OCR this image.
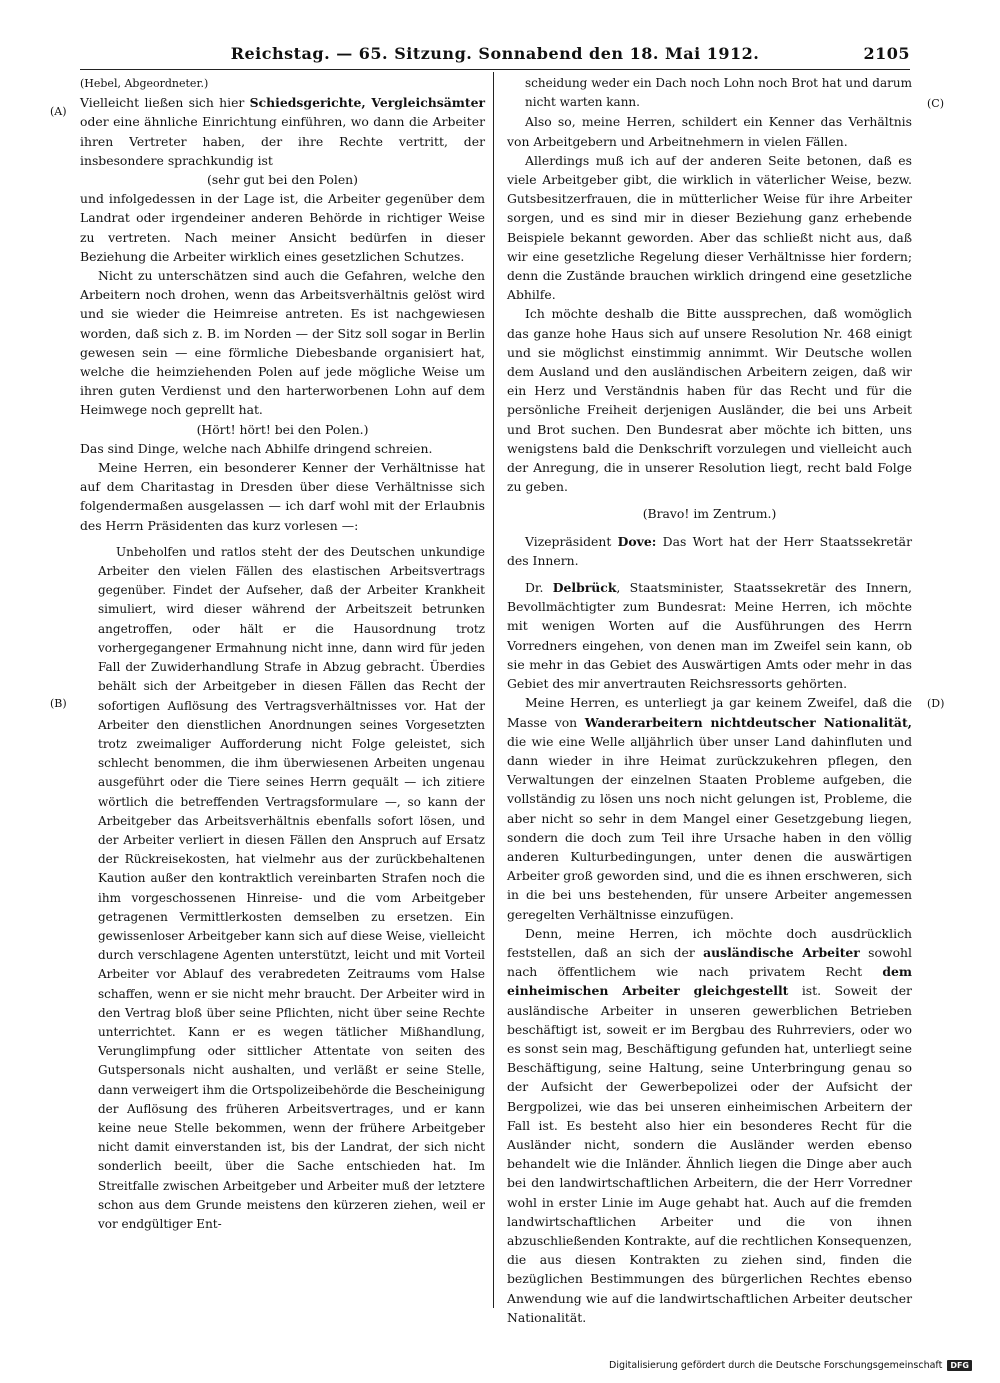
Reichstag. — 65. Sitzung. Sonnabend den 18. Mai 1912.	2105
(A)
(B)
(C)
(D)

(Hebel, Abgeordneter.)

Vielleicht ließen sich hier Schiedsgerichte, Vergleichsämter oder eine ähnliche Einrichtung einführen, wo dann die Arbeiter ihren Vertreter haben, der ihre Rechte vertritt, der insbesondere sprachkundig ist

(sehr gut bei den Polen)

und infolgedessen in der Lage ist, die Arbeiter gegenüber dem Landrat oder irgendeiner anderen Behörde in richtiger Weise zu vertreten. Nach meiner Ansicht bedürfen in dieser Beziehung die Arbeiter wirklich eines gesetzlichen Schutzes.

Nicht zu unterschätzen sind auch die Gefahren, welche den Arbeitern noch drohen, wenn das Arbeitsverhältnis gelöst wird und sie wieder die Heimreise antreten. Es ist nachgewiesen worden, daß sich z. B. im Norden — der Sitz soll sogar in Berlin gewesen sein — eine förmliche Diebesbande organisiert hat, welche die heimziehenden Polen auf jede mögliche Weise um ihren guten Verdienst und den harterworbenen Lohn auf dem Heimwege noch geprellt hat.

(Hört! hört! bei den Polen.)

Das sind Dinge, welche nach Abhilfe dringend schreien.

Meine Herren, ein besonderer Kenner der Verhältnisse hat auf dem Charitastag in Dresden über diese Verhältnisse sich folgendermaßen ausgelassen — ich darf wohl mit der Erlaubnis des Herrn Präsidenten das kurz vorlesen —:

Unbeholfen und ratlos steht der des Deutschen unkundige Arbeiter den vielen Fällen des elastischen Arbeitsvertrags gegenüber. Findet der Aufseher, daß der Arbeiter Krankheit simuliert, wird dieser während der Arbeitszeit betrunken angetroffen, oder hält er die Hausordnung trotz vorhergegangener Ermahnung nicht inne, dann wird für jeden Fall der Zuwiderhandlung Strafe in Abzug gebracht. Überdies behält sich der Arbeitgeber in diesen Fällen das Recht der sofortigen Auflösung des Vertragsverhältnisses vor. Hat der Arbeiter den dienstlichen Anordnungen seines Vorgesetzten trotz zweimaliger Aufforderung nicht Folge geleistet, sich schlecht benommen, die ihm überwiesenen Arbeiten ungenau ausgeführt oder die Tiere seines Herrn gequält — ich zitiere wörtlich die betreffenden Vertragsformulare —, so kann der Arbeitgeber das Arbeitsverhältnis ebenfalls sofort lösen, und der Arbeiter verliert in diesen Fällen den Anspruch auf Ersatz der Rückreisekosten, hat vielmehr aus der zurückbehaltenen Kaution außer den kontraktlich vereinbarten Strafen noch die ihm vorgeschossenen Hinreise- und die vom Arbeitgeber getragenen Vermittlerkosten demselben zu ersetzen. Ein gewissenloser Arbeitgeber kann sich auf diese Weise, vielleicht durch verschlagene Agenten unterstützt, leicht und mit Vorteil Arbeiter vor Ablauf des verabredeten Zeitraums vom Halse schaffen, wenn er sie nicht mehr braucht. Der Arbeiter wird in den Vertrag bloß über seine Pflichten, nicht über seine Rechte unterrichtet. Kann er es wegen tätlicher Mißhandlung, Verunglimpfung oder sittlicher Attentate von seiten des Gutspersonals nicht aushalten, und verläßt er seine Stelle, dann verweigert ihm die Ortspolizeibehörde die Bescheinigung der Auflösung des früheren Arbeitsvertrages, und er kann keine neue Stelle bekommen, wenn der frühere Arbeitgeber nicht damit einverstanden ist, bis der Landrat, der sich nicht sonderlich beeilt, über die Sache entschieden hat. Im Streitfalle zwischen Arbeitgeber und Arbeiter muß der letztere schon aus dem Grunde meistens den kürzeren ziehen, weil er vor endgültiger Ent-

scheidung weder ein Dach noch Lohn noch Brot hat und darum nicht warten kann.

Also so, meine Herren, schildert ein Kenner das Verhältnis von Arbeitgebern und Arbeitnehmern in vielen Fällen.

Allerdings muß ich auf der anderen Seite betonen, daß es viele Arbeitgeber gibt, die wirklich in väterlicher Weise, bezw. Gutsbesitzerfrauen, die in mütterlicher Weise für ihre Arbeiter sorgen, und es sind mir in dieser Beziehung ganz erhebende Beispiele bekannt geworden. Aber das schließt nicht aus, daß wir eine gesetzliche Regelung dieser Verhältnisse hier fordern; denn die Zustände brauchen wirklich dringend eine gesetzliche Abhilfe.

Ich möchte deshalb die Bitte aussprechen, daß womöglich das ganze hohe Haus sich auf unsere Resolution Nr. 468 einigt und sie möglichst einstimmig annimmt. Wir Deutsche wollen dem Ausland und den ausländischen Arbeitern zeigen, daß wir ein Herz und Verständnis haben für das Recht und für die persönliche Freiheit derjenigen Ausländer, die bei uns Arbeit und Brot suchen. Den Bundesrat aber möchte ich bitten, uns wenigstens bald die Denkschrift vorzulegen und vielleicht auch der Anregung, die in unserer Resolution liegt, recht bald Folge zu geben.

(Bravo! im Zentrum.)

Vizepräsident Dove: Das Wort hat der Herr Staatssekretär des Innern.

Dr. Delbrück, Staatsminister, Staatssekretär des Innern, Bevollmächtigter zum Bundesrat: Meine Herren, ich möchte mit wenigen Worten auf die Ausführungen des Herrn Vorredners eingehen, von denen man im Zweifel sein kann, ob sie mehr in das Gebiet des Auswärtigen Amts oder mehr in das Gebiet des mir anvertrauten Reichsressorts gehörten.

Meine Herren, es unterliegt ja gar keinem Zweifel, daß die Masse von Wanderarbeitern nichtdeutscher Nationalität, die wie eine Welle allјährlich über unser Land dahinfluten und dann wieder in ihre Heimat zurückzukehren pflegen, den Verwaltungen der einzelnen Staaten Probleme aufgeben, die vollständig zu lösen uns noch nicht gelungen ist, Probleme, die aber nicht so sehr in dem Mangel einer Gesetzgebung liegen, sondern die doch zum Teil ihre Ursache haben in den völlig anderen Kulturbedingungen, unter denen die auswärtigen Arbeiter groß geworden sind, und die es ihnen erschweren, sich in die bei uns bestehenden, für unsere Arbeiter angemessen geregelten Verhältnisse einzufügen.

Denn, meine Herren, ich möchte doch ausdrücklich feststellen, daß an sich der ausländische Arbeiter sowohl nach öffentlichem wie nach privatem Recht dem einheimischen Arbeiter gleichgestellt ist. Soweit der ausländische Arbeiter in unseren gewerblichen Betrieben beschäftigt ist, soweit er im Bergbau des Ruhrreviers, oder wo es sonst sein mag, Beschäftigung gefunden hat, unterliegt seine Beschäftigung, seine Haltung, seine Unterbringung genau so der Aufsicht der Gewerbepolizei oder der Aufsicht der Bergpolizei, wie das bei unseren einheimischen Arbeitern der Fall ist. Es besteht also hier ein besonderes Recht für die Ausländer nicht, sondern die Ausländer werden ebenso behandelt wie die Inländer. Ähnlich liegen die Dinge aber auch bei den landwirtschaftlichen Arbeitern, die der Herr Vorredner wohl in erster Linie im Auge gehabt hat. Auch auf die fremden landwirtschaftlichen Arbeiter und die von ihnen abzuschließenden Kontrakte, auf die rechtlichen Konsequenzen, die aus diesen Kontrakten zu ziehen sind, finden die bezüglichen Bestimmungen des bürgerlichen Rechtes ebenso Anwendung wie auf die landwirtschaftlichen Arbeiter deutscher Nationalität.

Digitalisierung gefördert durch die Deutsche Forschungsgemeinschaft	DFG
